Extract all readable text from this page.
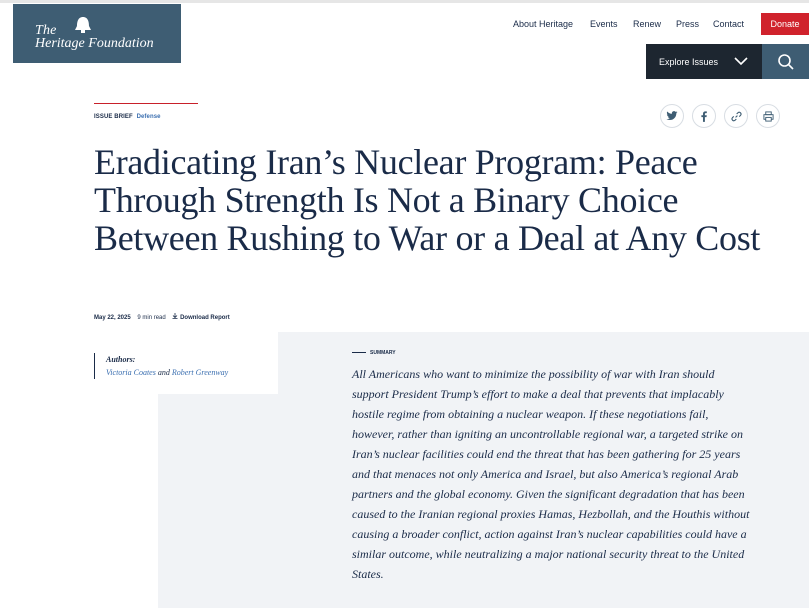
The
Heritage Foundation
About Heritage Events Renew Press Contact	Donate
Explore Issues
ISSUE BRIEF Defense
Eradicating Iran’s Nuclear Program: Peace Through Strength Is Not a Binary Choice Between Rushing to War or a Deal at Any Cost
May 22, 2025 9 min read Download Report
Authors:
Victoria Coates and Robert Greenway
SUMMARY

All Americans who want to minimize the possibility of war with Iran should support President Trump’s effort to make a deal that prevents that implacably hostile regime from obtaining a nuclear weapon. If these negotiations fail, however, rather than igniting an uncontrollable regional war, a targeted strike on Iran’s nuclear facilities could end the threat that has been gathering for 25 years and that menaces not only America and Israel, but also America’s regional Arab partners and the global economy. Given the significant degradation that has been caused to the Iranian regional proxies Hamas, Hezbollah, and the Houthis without causing a broader conflict, action against Iran’s nuclear capabilities could have a similar outcome, while neutralizing a major national security threat to the United States.
